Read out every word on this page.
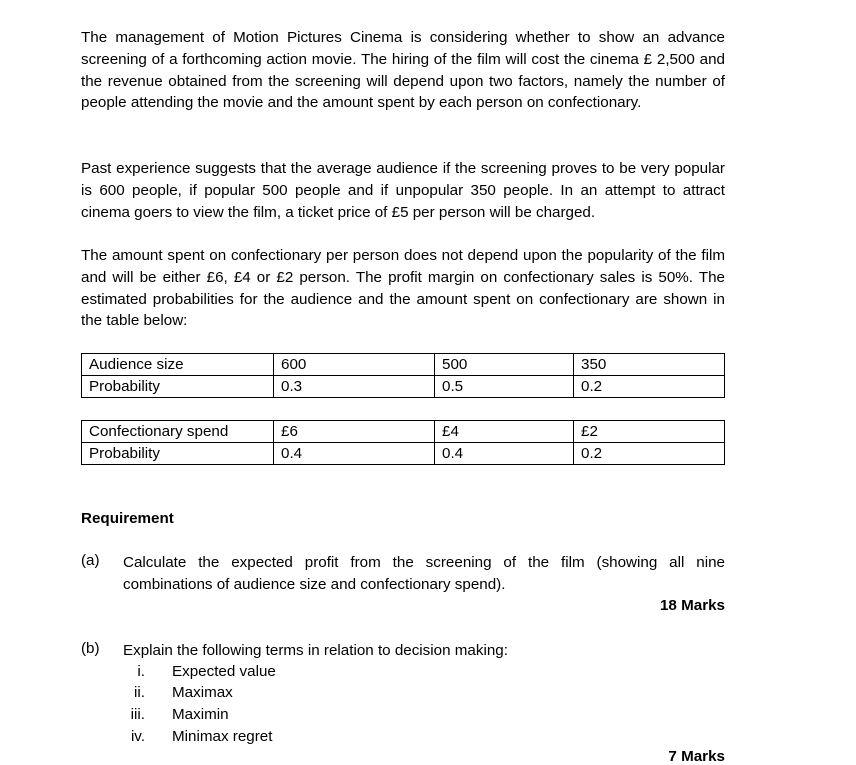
The management of Motion Pictures Cinema is considering whether to show an advance screening of a forthcoming action movie. The hiring of the film will cost the cinema £ 2,500 and the revenue obtained from the screening will depend upon two factors, namely the number of people attending the movie and the amount spent by each person on confectionary.

Past experience suggests that the average audience if the screening proves to be very popular is 600 people, if popular 500 people and if unpopular 350 people. In an attempt to attract cinema goers to view the film, a ticket price of £5 per person will be charged.

The amount spent on confectionary per person does not depend upon the popularity of the film and will be either £6, £4 or £2 person. The profit margin on confectionary sales is 50%. The estimated probabilities for the audience and the amount spent on confectionary are shown in the table below:

Audience size	600	500	350
Probability	0.3	0.5	0.2
Confectionary spend	£6	£4	£2
Probability	0.4	0.4	0.2
Requirement
(a) Calculate the expected profit from the screening of the film (showing all nine combinations of audience size and confectionary spend).
18 Marks
(b) Explain the following terms in relation to decision making:
i. Expected value
ii. Maximax
iii. Maximin
iv. Minimax regret
7 Marks
